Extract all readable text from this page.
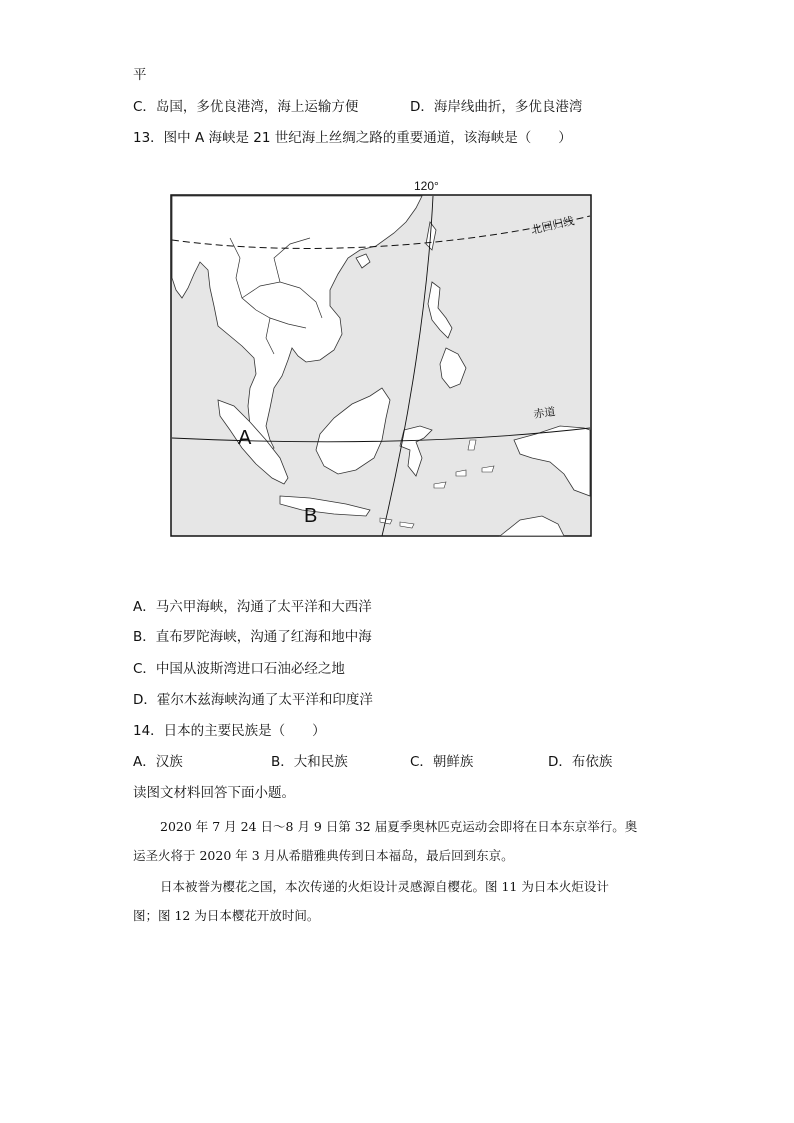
平
C．岛国，多优良港湾，海上运输方便	D．海岸线曲折，多优良港湾
13．图中 A 海峡是 21 世纪海上丝绸之路的重要通道，该海峡是（　　）
120°
北回归线
赤道
A
B
A．马六甲海峡，沟通了太平洋和大西洋
B．直布罗陀海峡，沟通了红海和地中海
C．中国从波斯湾进口石油必经之地
D．霍尔木兹海峡沟通了太平洋和印度洋
14．日本的主要民族是（　　）
A．汉族	B．大和民族	C．朝鲜族	D．布依族
读图文材料回答下面小题。
2020 年 7 月 24 日～8 月 9 日第 32 届夏季奥林匹克运动会即将在日本东京举行。奥
运圣火将于 2020 年 3 月从希腊雅典传到日本福岛，最后回到东京。
日本被誉为樱花之国，本次传递的火炬设计灵感源自樱花。图 11 为日本火炬设计
图；图 12 为日本樱花开放时间。
